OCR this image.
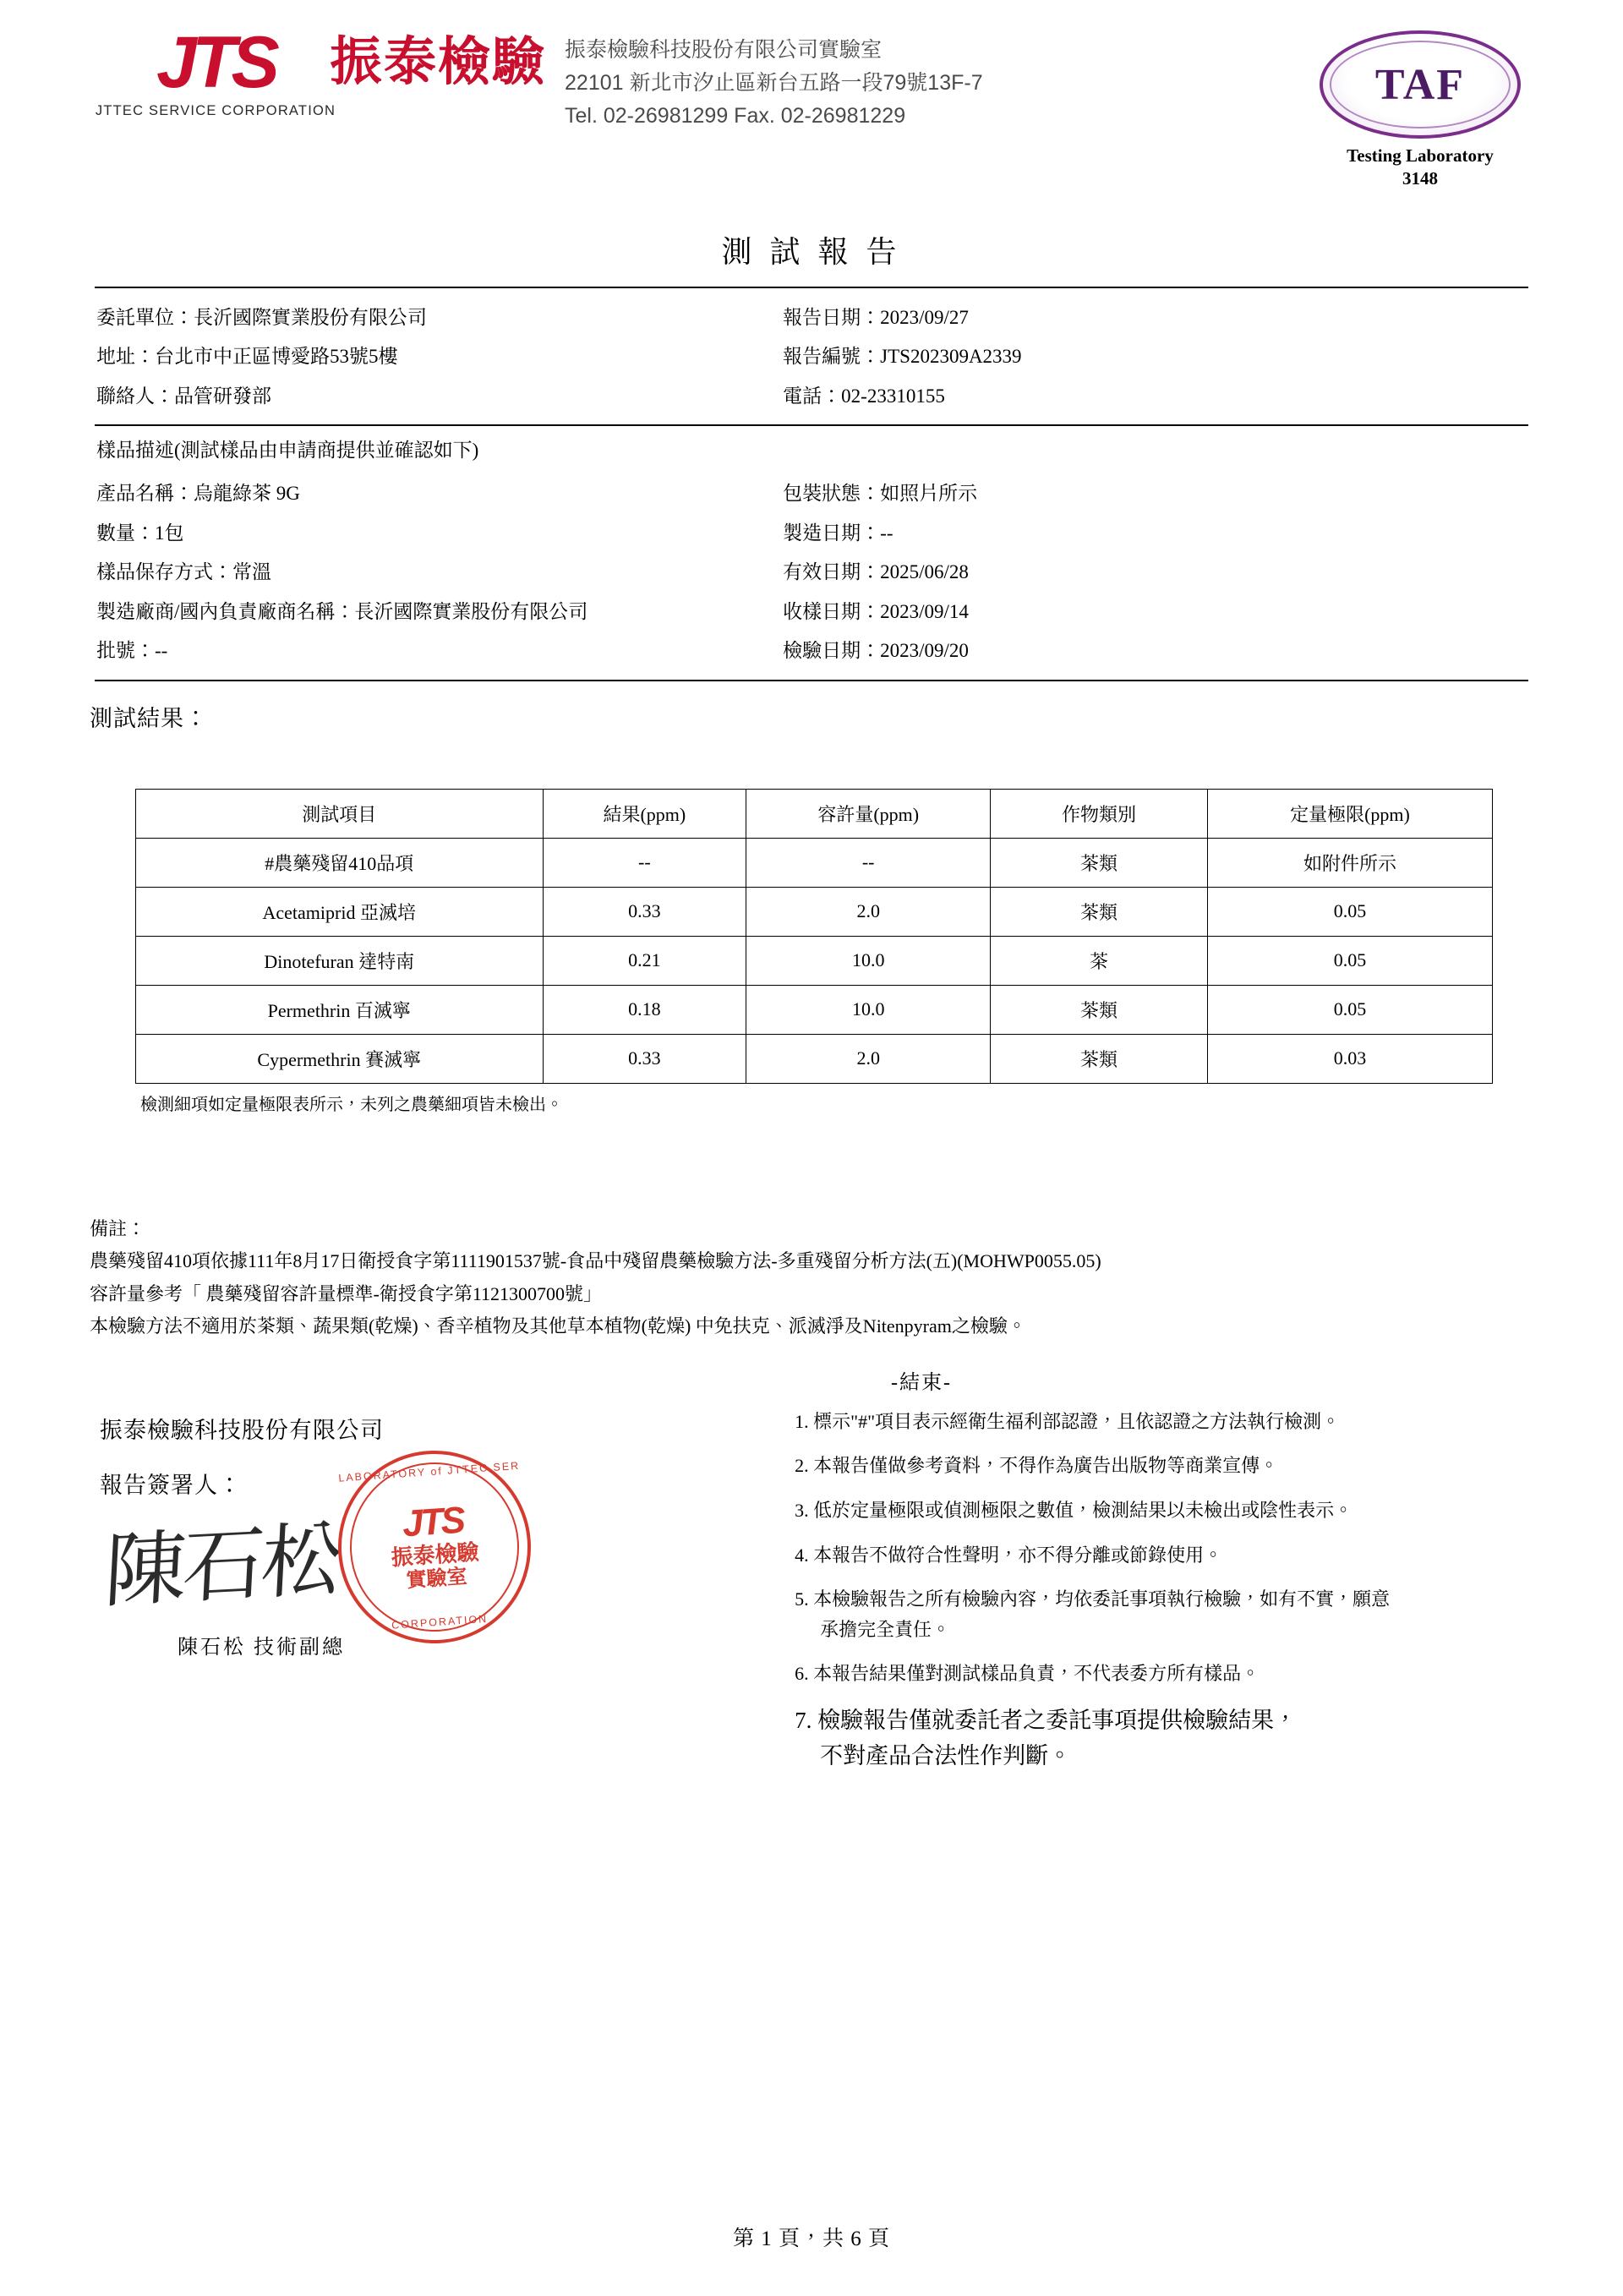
JTS
JTTEC SERVICE CORPORATION
振泰檢驗 振泰檢驗科技股份有限公司實驗室
22101 新北市汐止區新台五路一段79號13F-7
Tel. 02-26981299 Fax. 02-26981229
TAF
Testing Laboratory
3148
測 試 報 告
委託單位：長沂國際實業股份有限公司	報告日期：2023/09/27
地址：台北市中正區博愛路53號5樓	報告編號：JTS202309A2339
聯絡人：品管研發部	電話：02-23310155
樣品描述(測試樣品由申請商提供並確認如下)
產品名稱：烏龍綠茶 9G	包裝狀態：如照片所示
數量：1包	製造日期：--
樣品保存方式：常溫	有效日期：2025/06/28
製造廠商/國內負責廠商名稱：長沂國際實業股份有限公司	收樣日期：2023/09/14
批號：--	檢驗日期：2023/09/20
測試結果：
測試項目	結果(ppm)	容許量(ppm)	作物類別	定量極限(ppm)
#農藥殘留410品項	--	--	茶類	如附件所示
Acetamiprid 亞滅培	0.33	2.0	茶類	0.05
Dinotefuran 達特南	0.21	10.0	茶	0.05
Permethrin 百滅寧	0.18	10.0	茶類	0.05
Cypermethrin 賽滅寧	0.33	2.0	茶類	0.03
檢測細項如定量極限表所示，未列之農藥細項皆未檢出。
備註：
農藥殘留410項依據111年8月17日衛授食字第1111901537號-食品中殘留農藥檢驗方法-多重殘留分析方法(五)(MOHWP0055.05)
容許量參考「 農藥殘留容許量標準-衛授食字第1121300700號」
本檢驗方法不適用於茶類、蔬果類(乾燥)、香辛植物及其他草本植物(乾燥) 中免扶克、派滅淨及Nitenpyram之檢驗。
-結束-
振泰檢驗科技股份有限公司
報告簽署人：
陳石松
LABORATORY of JTTEC SER
JTS
振泰檢驗
實驗室
CORPORATION
陳石松 技術副總
1. 標示"#"項目表示經衛生福利部認證，且依認證之方法執行檢測。
2. 本報告僅做參考資料，不得作為廣告出版物等商業宣傳。
3. 低於定量極限或偵測極限之數值，檢測結果以未檢出或陰性表示。
4. 本報告不做符合性聲明，亦不得分離或節錄使用。
5. 本檢驗報告之所有檢驗內容，均依委託事項執行檢驗，如有不實，願意
承擔完全責任。
6. 本報告結果僅對測試樣品負責，不代表委方所有樣品。
7. 檢驗報告僅就委託者之委託事項提供檢驗結果，
不對產品合法性作判斷。
第 1 頁，共 6 頁
